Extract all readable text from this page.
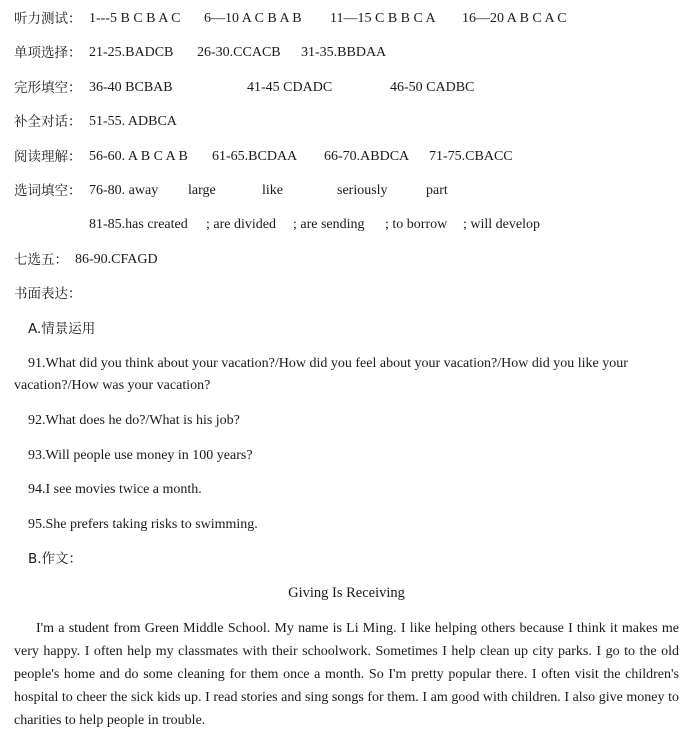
听力测试： 1---5 B C B A C 6—10 A C B A B 11—15 C B B C A 16—20 A B C A C
单项选择： 21-25.BADCB 26-30.CCACB 31-35.BBDAA
完形填空： 36-40 BCBAB	41-45 CDADC	46-50 CADBC
补全对话： 51-55. ADBCA
阅读理解： 56-60. A B C A B 61-65.BCDAA 66-70.ABDCA 71-75.CBACC
选词填空： 76-80. away large	like	seriously	part
81-85.has created ; are divided ; are sending ; to borrow ; will develop
七选五： 86-90.CFAGD
书面表达：
A.情景运用
91.What did you think about your vacation?/How did you feel about your vacation?/How did you like your
vacation?/How was your vacation?
92.What does he do?/What is his job?
93.Will people use money in 100 years?
94.I see movies twice a month.
95.She prefers taking risks to swimming.
B.作文：
Giving Is Receiving
I'm a student from Green Middle School. My name is Li Ming. I like helping others because I think it makes me very happy. I often help my classmates with their schoolwork. Sometimes I help clean up city parks. I go to the old people's home and do some cleaning for them once a month. So I'm pretty popular there. I often visit the children's hospital to cheer the sick kids up. I read stories and sing songs for them. I am good with children. I also give money to charities to help people in trouble.
